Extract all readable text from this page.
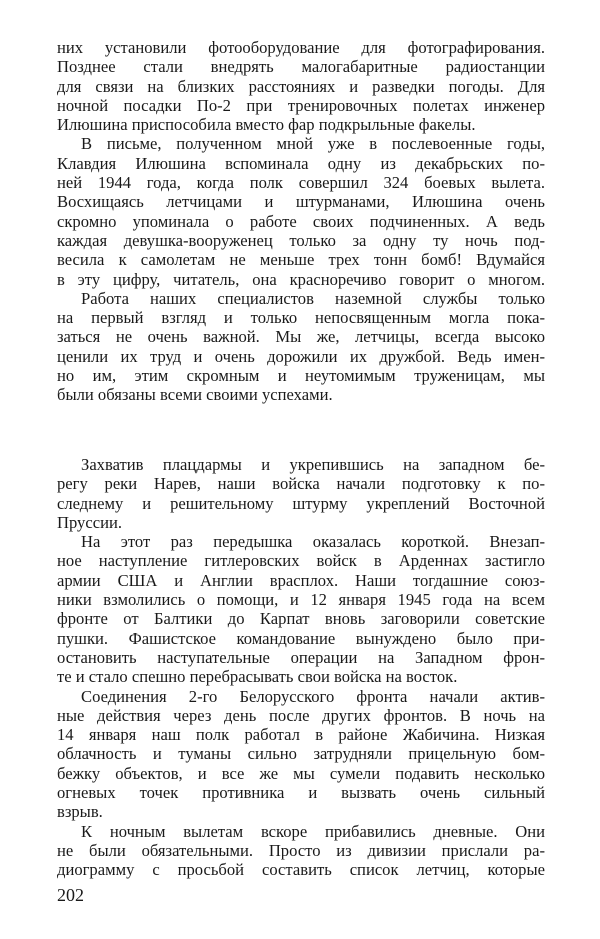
них установили фотооборудование для фотографирования.
Позднее стали внедрять малогабаритные радиостанции
для связи на близких расстояниях и разведки погоды. Для
ночной посадки По-2 при тренировочных полетах инженер
Илюшина приспособила вместо фар подкрыльные факелы.
В письме, полученном мной уже в послевоенные годы,
Клавдия Илюшина вспоминала одну из декабрьских по-
ней 1944 года, когда полк совершил 324 боевых вылета.
Восхищаясь летчицами и штурманами, Илюшина очень
скромно упоминала о работе своих подчиненных. А ведь
каждая девушка-вооруженец только за одну ту ночь под-
весила к самолетам не меньше трех тонн бомб! Вдумайся
в эту цифру, читатель, она красноречиво говорит о многом.
Работа наших специалистов наземной службы только
на первый взгляд и только непосвященным могла пока-
заться не очень важной. Мы же, летчицы, всегда высоко
ценили их труд и очень дорожили их дружбой. Ведь имен-
но им, этим скромным и неутомимым труженицам, мы
были обязаны всеми своими успехами.
Захватив плацдармы и укрепившись на западном бе-
регу реки Нарев, наши войска начали подготовку к по-
следнему и решительному штурму укреплений Восточной
Пруссии.
На этот раз передышка оказалась короткой. Внезап-
ное наступление гитлеровских войск в Арденнах застигло
армии США и Англии врасплох. Наши тогдашние союз-
ники взмолились о помощи, и 12 января 1945 года на всем
фронте от Балтики до Карпат вновь заговорили советские
пушки. Фашистское командование вынуждено было при-
остановить наступательные операции на Западном фрон-
те и стало спешно перебрасывать свои войска на восток.
Соединения 2-го Белорусского фронта начали актив-
ные действия через день после других фронтов. В ночь на
14 января наш полк работал в районе Жабичина. Низкая
облачность и туманы сильно затрудняли прицельную бом-
бежку объектов, и все же мы сумели подавить несколько
огневых точек противника и вызвать очень сильный
взрыв.
К ночным вылетам вскоре прибавились дневные. Они
не были обязательными. Просто из дивизии прислали ра-
диограмму с просьбой составить список летчиц, которые
202
